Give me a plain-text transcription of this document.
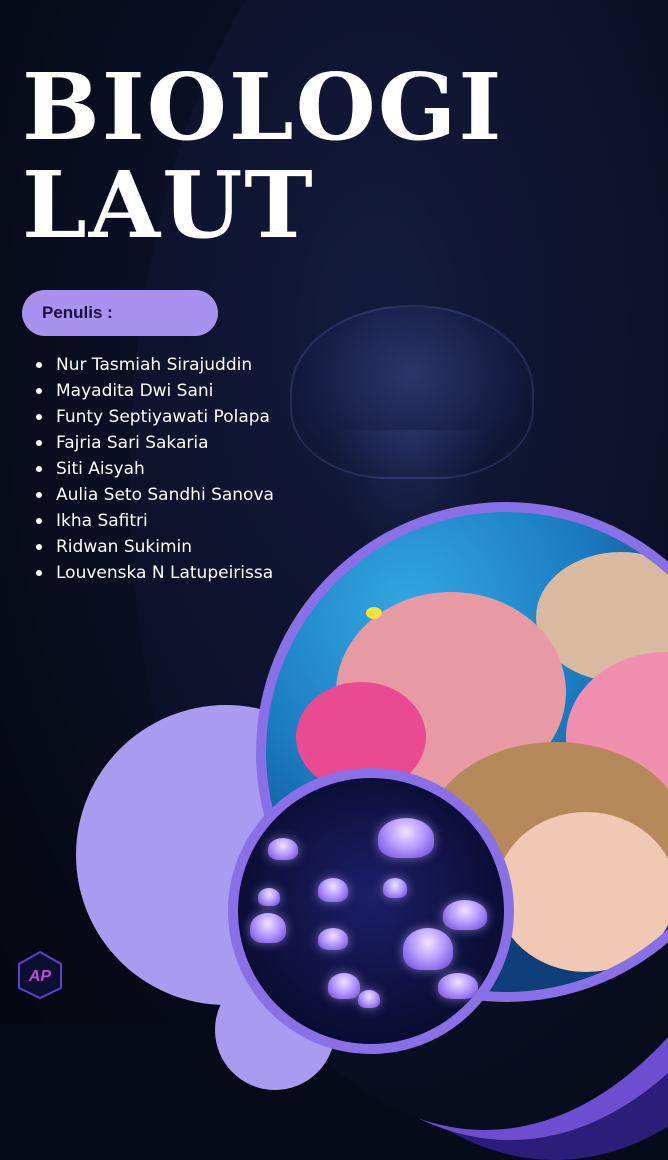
BIOLOGI
LAUT
Penulis :
Nur Tasmiah Sirajuddin
Mayadita Dwi Sani
Funty Septiyawati Polapa
Fajria Sari Sakaria
Siti Aisyah
Aulia Seto Sandhi Sanova
Ikha Safitri
Ridwan Sukimin
Louvenska N Latupeirissa
AP
